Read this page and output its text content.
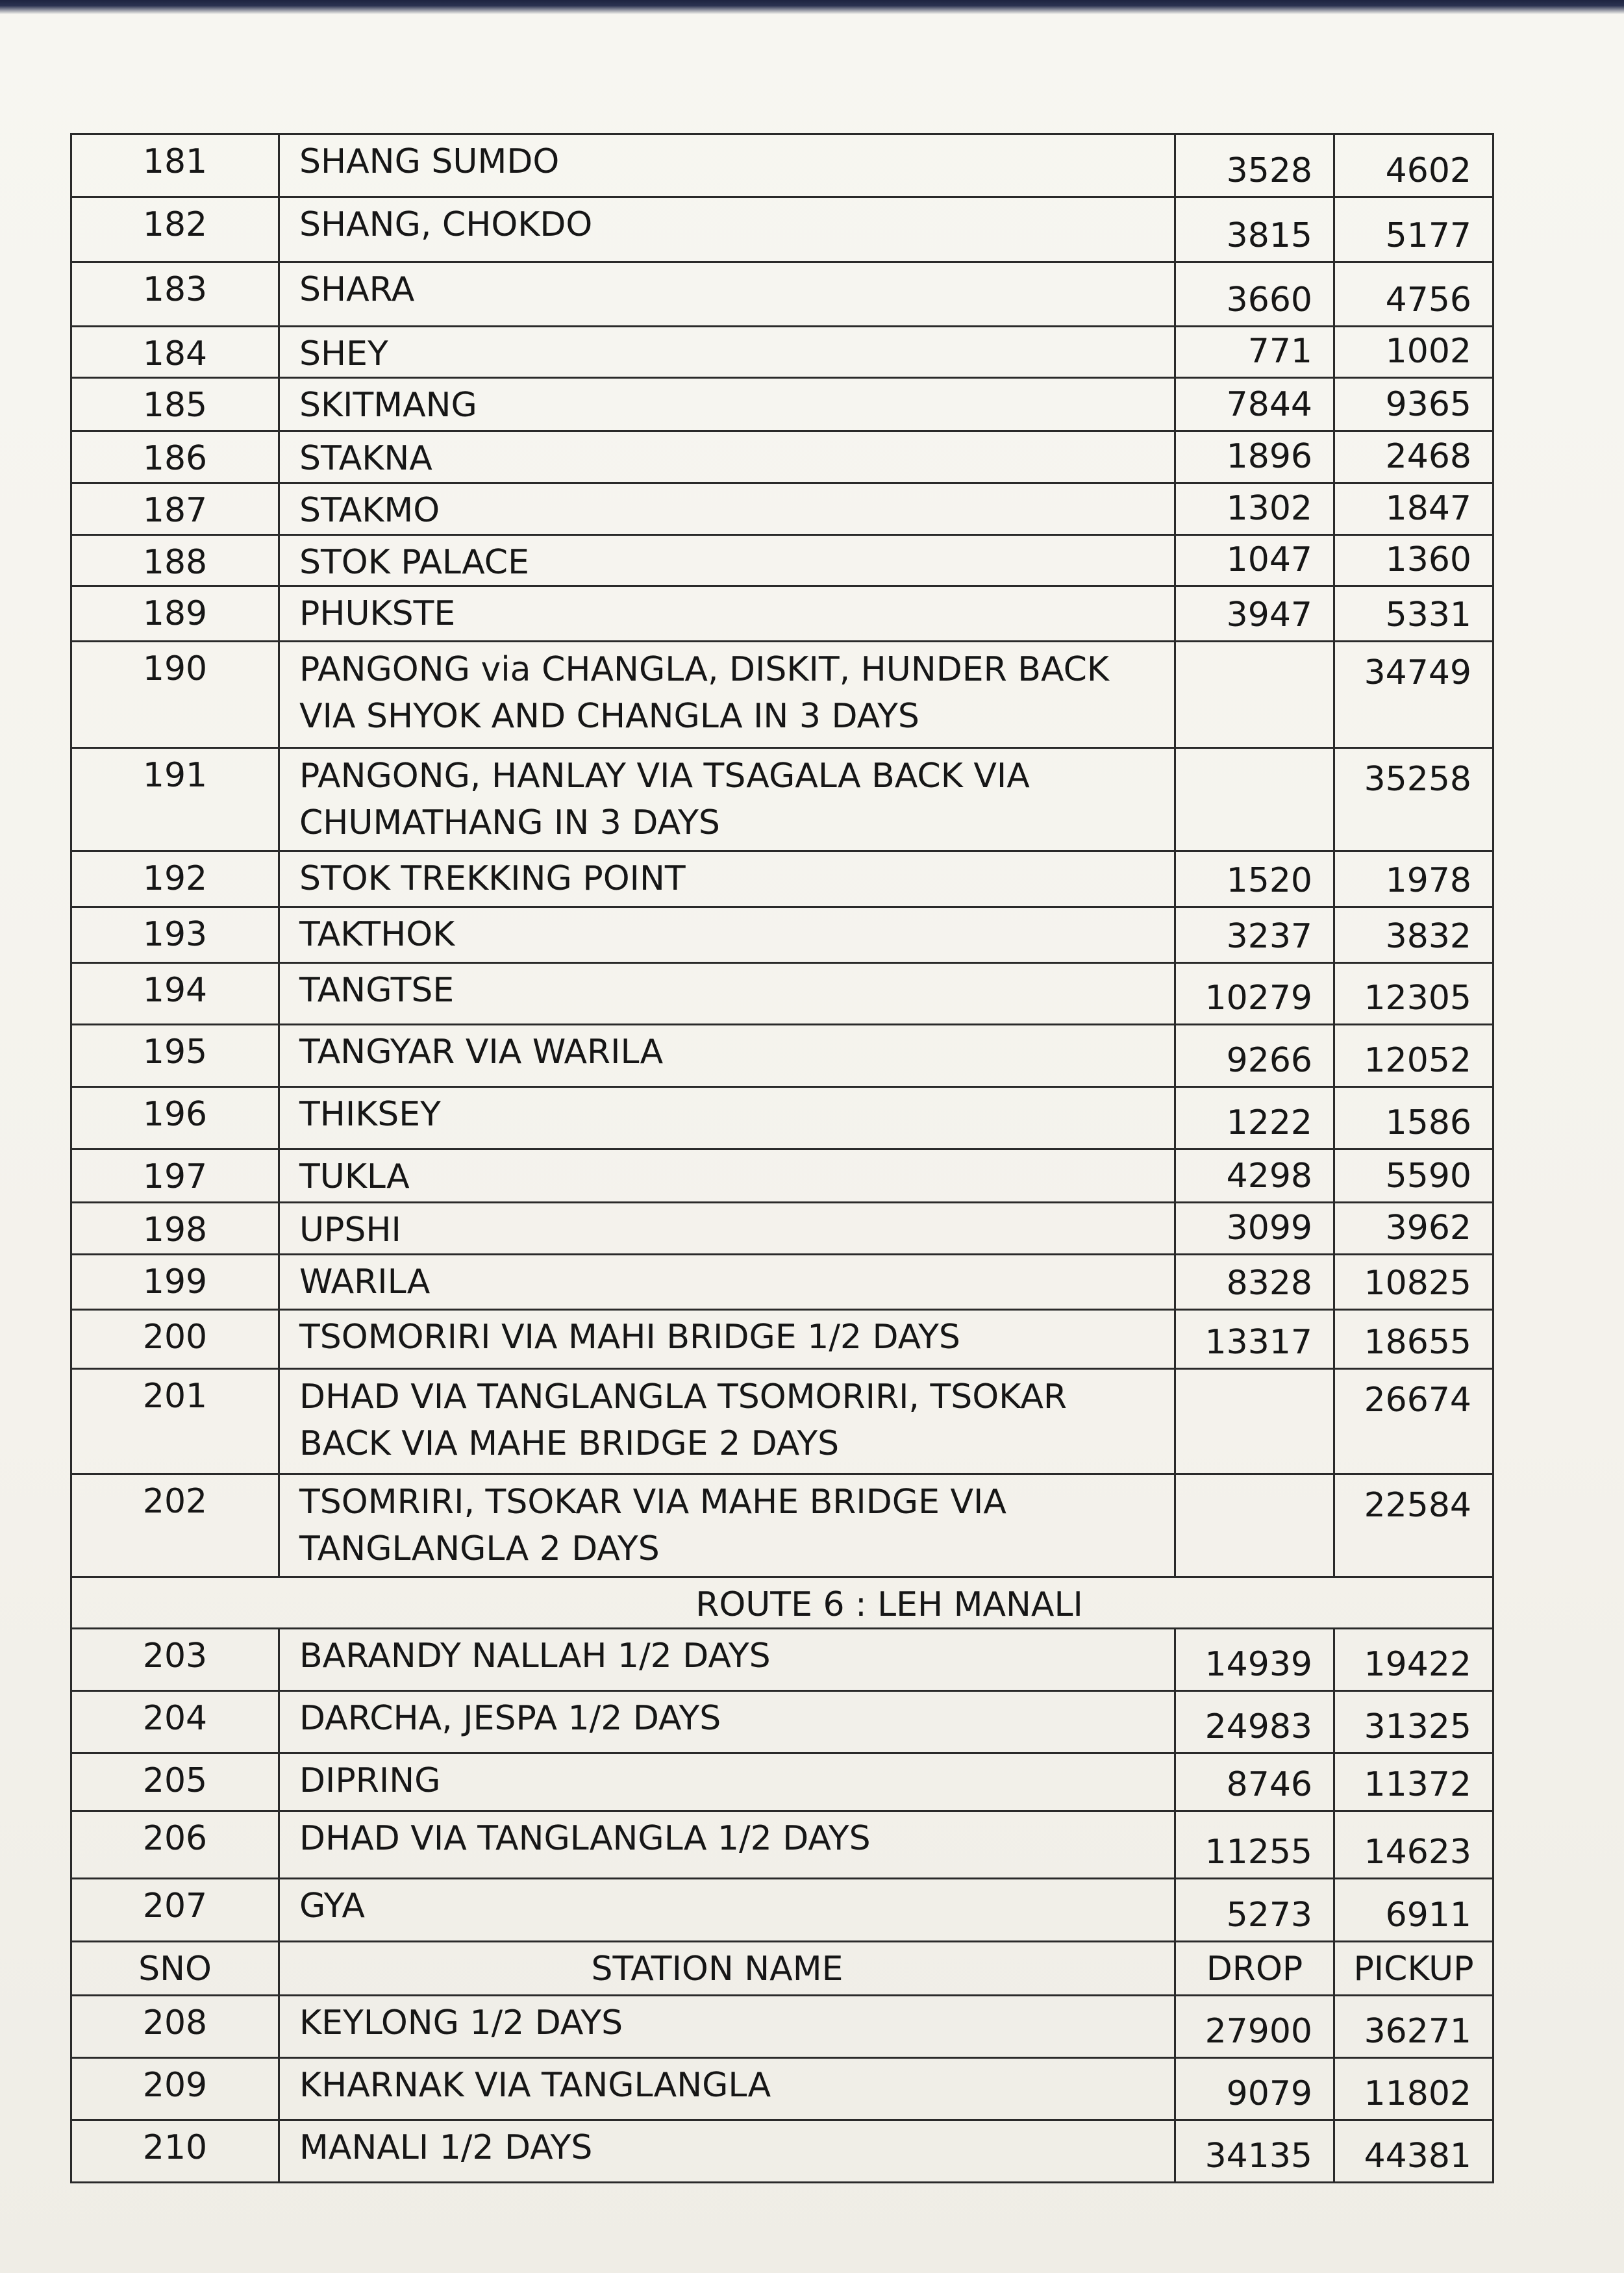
181	SHANG SUMDO	3528	4602
182	SHANG, CHOKDO	3815	5177
183	SHARA	3660	4756
184	SHEY	771	1002
185	SKITMANG	7844	9365
186	STAKNA	1896	2468
187	STAKMO	1302	1847
188	STOK PALACE	1047	1360
189	PHUKSTE	3947	5331
190	PANGONG via CHANGLA, DISKIT, HUNDER BACK VIA SHYOK AND CHANGLA IN 3 DAYS		34749
191	PANGONG, HANLAY VIA TSAGALA BACK VIA CHUMATHANG IN 3 DAYS		35258
192	STOK TREKKING POINT	1520	1978
193	TAKTHOK	3237	3832
194	TANGTSE	10279	12305
195	TANGYAR VIA WARILA	9266	12052
196	THIKSEY	1222	1586
197	TUKLA	4298	5590
198	UPSHI	3099	3962
199	WARILA	8328	10825
200	TSOMORIRI VIA MAHI BRIDGE 1/2 DAYS	13317	18655
201	DHAD VIA TANGLANGLA TSOMORIRI, TSOKAR BACK VIA MAHE BRIDGE 2 DAYS		26674
202	TSOMRIRI, TSOKAR VIA MAHE BRIDGE VIA TANGLANGLA 2 DAYS		22584
ROUTE 6 : LEH MANALI			
203	BARANDY NALLAH 1/2 DAYS	14939	19422
204	DARCHA, JESPA 1/2 DAYS	24983	31325
205	DIPRING	8746	11372
206	DHAD VIA TANGLANGLA 1/2 DAYS	11255	14623
207	GYA	5273	6911
SNO	STATION NAME	DROP	PICKUP
208	KEYLONG 1/2 DAYS	27900	36271
209	KHARNAK VIA TANGLANGLA	9079	11802
210	MANALI 1/2 DAYS	34135	44381
